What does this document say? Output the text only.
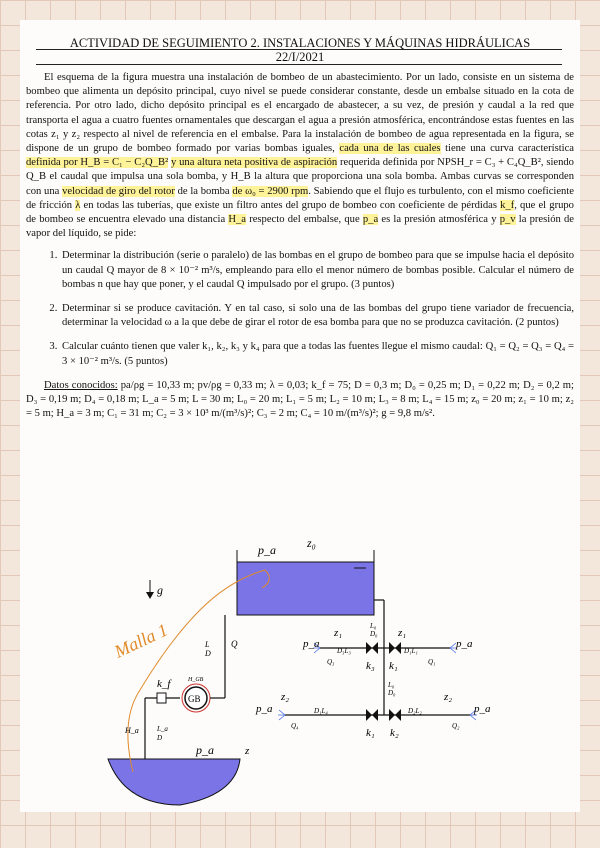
ACTIVIDAD DE SEGUIMIENTO 2. INSTALACIONES Y MÁQUINAS HIDRÁULICAS
22/I/2021

El esquema de la figura muestra una instalación de bombeo de un abastecimiento. Por un lado, consiste en un sistema de bombeo que alimenta un depósito principal, cuyo nivel se puede considerar constante, desde un embalse situado en la cota de referencia. Por otro lado, dicho depósito principal es el encargado de abastecer, a su vez, de presión y caudal a la red que transporta el agua a cuatro fuentes ornamentales que descargan el agua a presión atmosférica, encontrándose estas fuentes en las cotas z₁ y z₂ respecto al nivel de referencia en el embalse. Para la instalación de bombeo de agua representada en la figura, se dispone de un grupo de bombeo formado por varias bombas iguales, cada una de las cuales tiene una curva característica definida por H_B = C₁ − C₂Q_B² y una altura neta positiva de aspiración requerida definida por NPSH_r = C₃ + C₄Q_B², siendo Q_B el caudal que impulsa una sola bomba, y H_B la altura que proporciona una sola bomba. Ambas curvas se corresponden con una velocidad de giro del rotor de la bomba de ω₀ = 2900 rpm. Sabiendo que el flujo es turbulento, con el mismo coeficiente de fricción λ en todas las tuberías, que existe un filtro antes del grupo de bombeo con coeficiente de pérdidas k_f, que el grupo de bombeo se encuentra elevado una distancia H_a respecto del embalse, que p_a es la presión atmosférica y p_v la presión de vapor del líquido, se pide:

1. Determinar la distribución (serie o paralelo) de las bombas en el grupo de bombeo para que se impulse hacia el depósito un caudal Q mayor de 8 × 10⁻² m³/s, empleando para ello el menor número de bombas posible. Calcular el número de bombas n que hay que poner, y el caudal Q impulsado por el grupo. (3 puntos)
2. Determinar si se produce cavitación. Y en tal caso, si solo una de las bombas del grupo tiene variador de frecuencia, determinar la velocidad ω a la que debe de girar el rotor de esa bomba para que no se produzca cavitación. (2 puntos)
3. Calcular cuánto tienen que valer k₁, k₂, k₃ y k₄ para que a todas las fuentes llegue el mismo caudal: Q₁ = Q₂ = Q₃ = Q₄ = 3 × 10⁻² m³/s. (5 puntos)

Datos conocidos: pa/ρg = 10,33 m; pv/ρg = 0,33 m; λ = 0,03; k_f = 75; D = 0,3 m; D₀ = 0,25 m; D₁ = 0,22 m; D₂ = 0,2 m; D₃ = 0,19 m; D₄ = 0,18 m; L_a = 5 m; L = 30 m; L₀ = 20 m; L₁ = 5 m; L₂ = 10 m; L₃ = 8 m; L₄ = 15 m; z₀ = 20 m; z₁ = 10 m; z₂ = 5 m; H_a = 3 m; C₁ = 31 m; C₂ = 3 × 10³ m/(m³/s)²; C₃ = 2 m; C₄ = 10 m/(m³/s)²; g = 9,8 m/s².

p_a	z₀
g⃗
Q
L
D
L₀
D₀
z₁	z₁
p_a	p_a
D₃L₃	D₁L₁
Q₃	Q₁
k₃ k₁
L₀
D₀
z₂	z₂
p_a	p_a
D₁L₄	D₂L₂
Q₄	Q₂
k₁ k₂
H_GB
GB
k_f
H_a	L_a
D
p_a	z
Malla 1
